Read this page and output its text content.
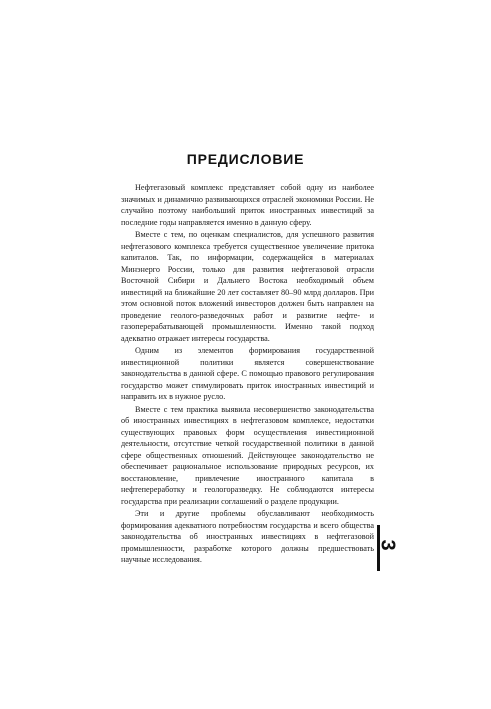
ПРЕДИСЛОВИЕ

Нефтегазовый комплекс представляет собой одну из наиболее значимых и динамично развивающихся отраслей экономики России. Не случайно поэтому наибольший приток иностранных инвестиций за последние годы направляется именно в данную сферу.

Вместе с тем, по оценкам специалистов, для успешного развития нефтегазового комплекса требуется существенное увеличение притока капиталов. Так, по информации, содержащейся в материалах Минэнерго России, только для развития нефтегазовой отрасли Восточной Сибири и Дальнего Востока необходимый объем инвестиций на ближайшие 20 лет составляет 80–90 млрд долларов. При этом основной поток вложений инвесторов должен быть направлен на проведение геолого-разведочных работ и развитие нефте- и газоперерабатывающей промышленности. Именно такой подход адекватно отражает интересы государства.

Одним из элементов формирования государственной инвестиционной политики является совершенствование законодательства в данной сфере. С помощью правового регулирования государство может стимулировать приток иностранных инвестиций и направить их в нужное русло.

Вместе с тем практика выявила несовершенство законодательства об иностранных инвестициях в нефтегазовом комплексе, недостатки существующих правовых форм осуществления инвестиционной деятельности, отсутствие четкой государственной политики в данной сфере общественных отношений. Действующее законодательство не обеспечивает рациональное использование природных ресурсов, их восстановление, привлечение иностранного капитала в нефтепереработку и геологоразведку. Не соблюдаются интересы государства при реализации соглашений о разделе продукции.

Эти и другие проблемы обуславливают необходимость формирования адекватного потребностям государства и всего общества законодательства об иностранных инвестициях в нефтегазовой промышленности, разработке которого должны предшествовать научные исследования.

3
